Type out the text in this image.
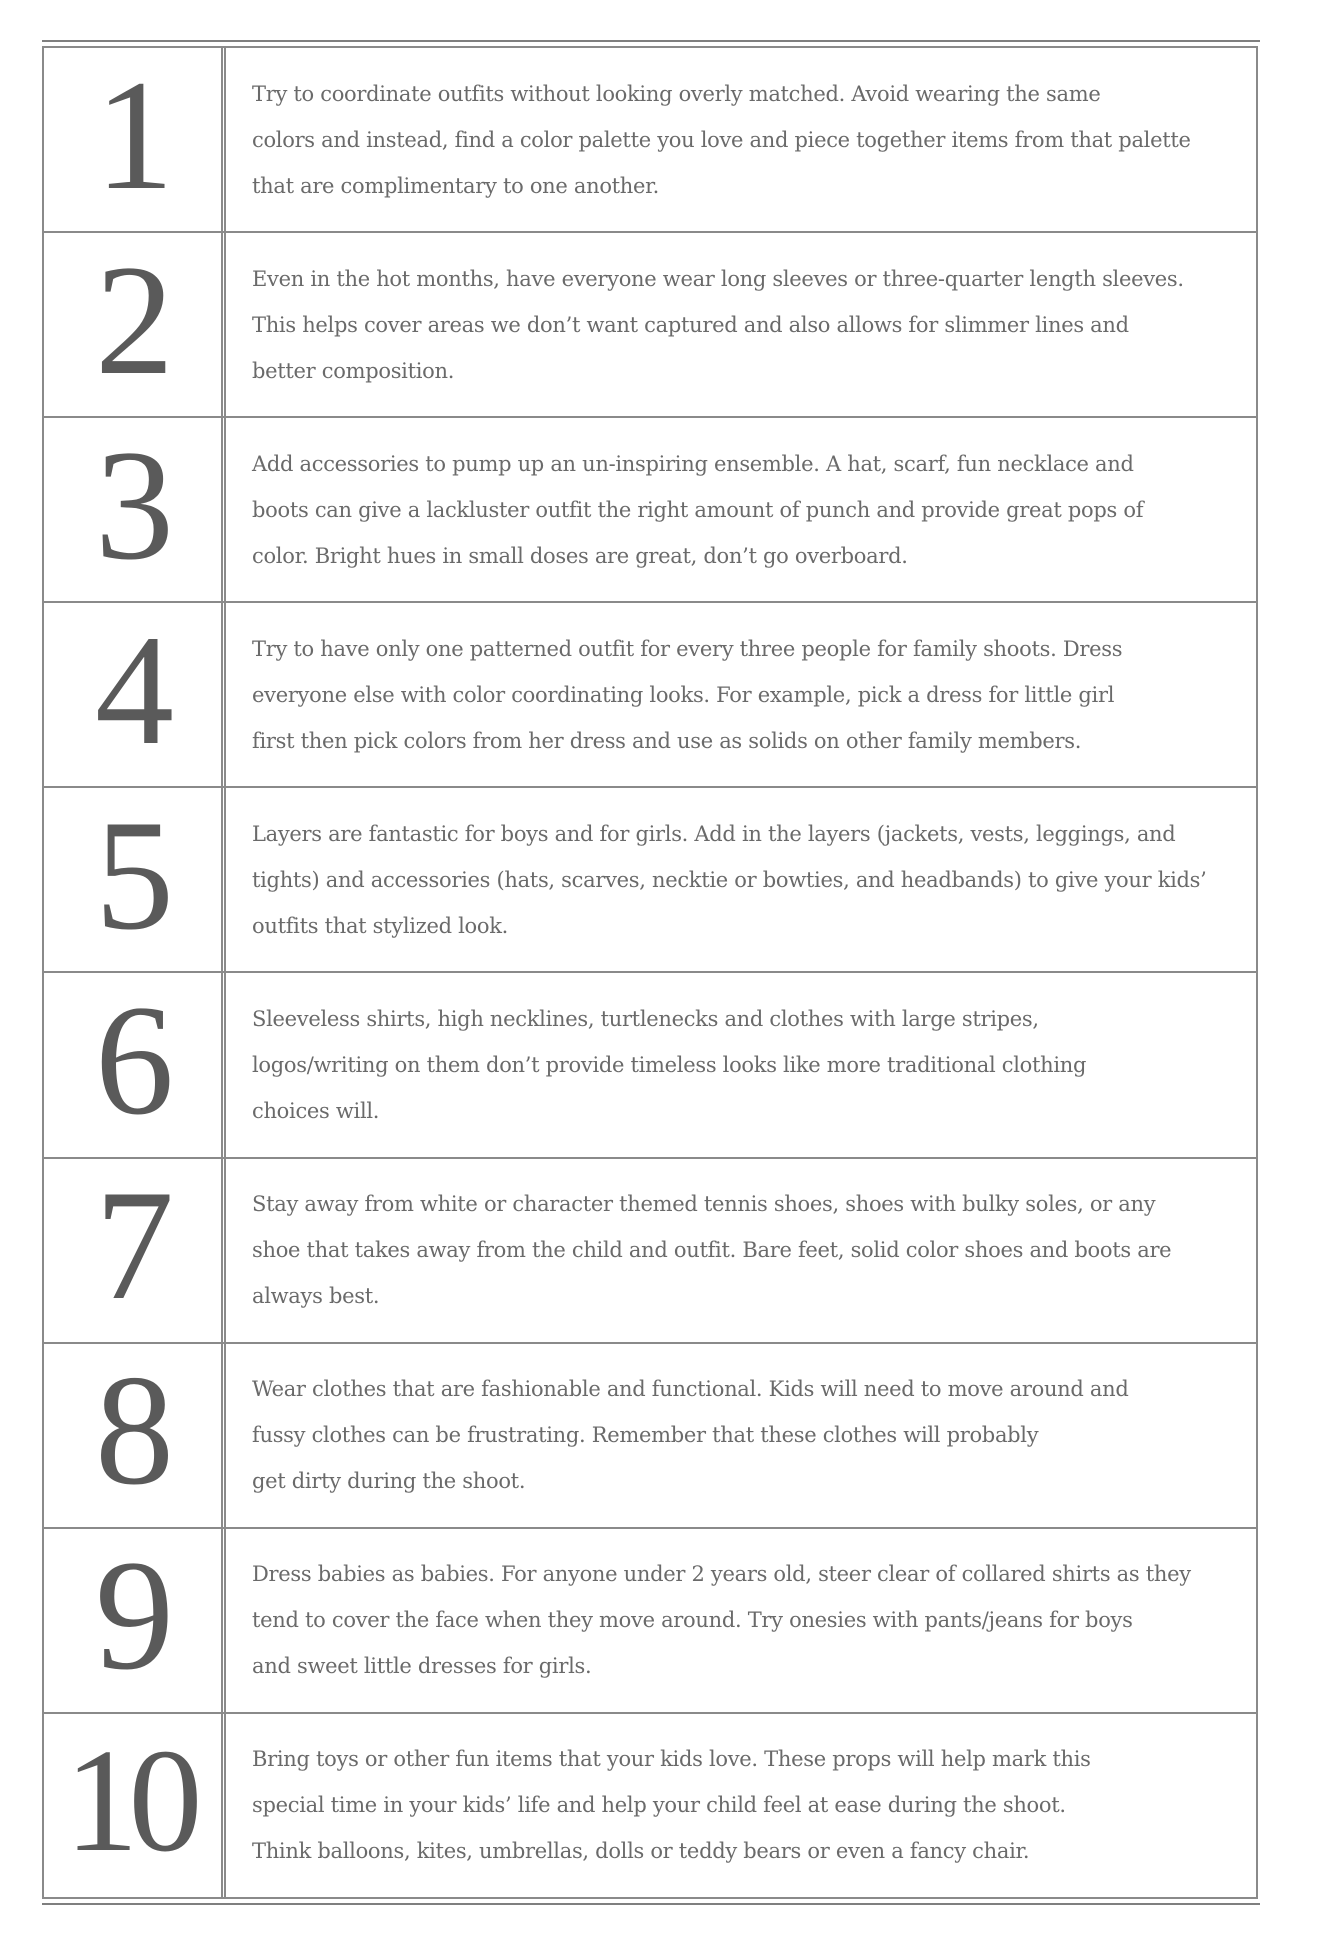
1	Try to coordinate outfits without looking overly matched. Avoid wearing the same
colors and instead, find a color palette you love and piece together items from that palette
that are complimentary to one another.

2	Even in the hot months, have everyone wear long sleeves or three-quarter length sleeves.
This helps cover areas we don’t want captured and also allows for slimmer lines and
better composition.

3	Add accessories to pump up an un-inspiring ensemble. A hat, scarf, fun necklace and
boots can give a lackluster outfit the right amount of punch and provide great pops of
color. Bright hues in small doses are great, don’t go overboard.

4	Try to have only one patterned outfit for every three people for family shoots. Dress
everyone else with color coordinating looks. For example, pick a dress for little girl
first then pick colors from her dress and use as solids on other family members.

5	Layers are fantastic for boys and for girls. Add in the layers (jackets, vests, leggings, and
tights) and accessories (hats, scarves, necktie or bowties, and headbands) to give your kids’
outfits that stylized look.

6	Sleeveless shirts, high necklines, turtlenecks and clothes with large stripes,
logos/writing on them don’t provide timeless looks like more traditional clothing
choices will.

7	Stay away from white or character themed tennis shoes, shoes with bulky soles, or any
shoe that takes away from the child and outfit. Bare feet, solid color shoes and boots are
always best.

8	Wear clothes that are fashionable and functional. Kids will need to move around and
fussy clothes can be frustrating. Remember that these clothes will probably
get dirty during the shoot.

9	Dress babies as babies. For anyone under 2 years old, steer clear of collared shirts as they
tend to cover the face when they move around. Try onesies with pants/jeans for boys
and sweet little dresses for girls.

10	Bring toys or other fun items that your kids love. These props will help mark this
special time in your kids’ life and help your child feel at ease during the shoot.
Think balloons, kites, umbrellas, dolls or teddy bears or even a fancy chair.
